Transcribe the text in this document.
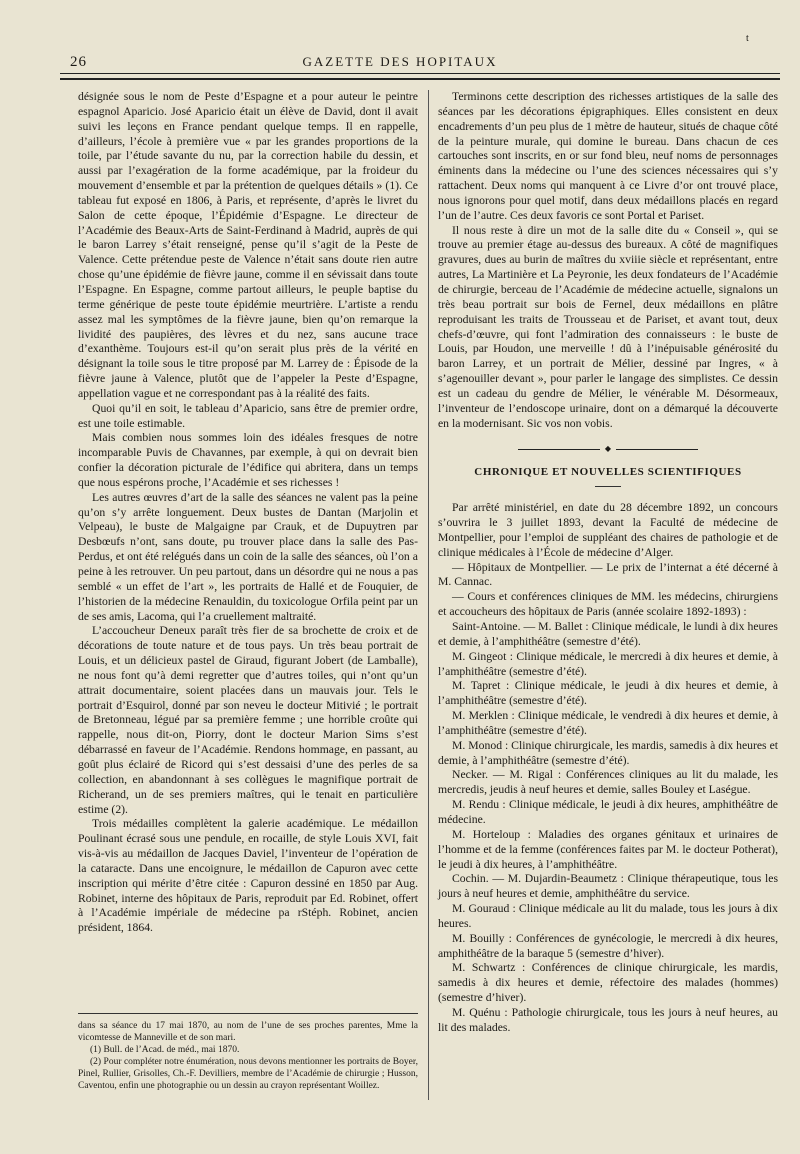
26	GAZETTE DES HOPITAUX
t

désignée sous le nom de Peste d’Espagne et a pour auteur le peintre espagnol Aparicio. José Aparicio était un élève de David, dont il avait suivi les leçons en France pendant quelque temps. Il en rappelle, d’ailleurs, l’école à première vue « par les grandes proportions de la toile, par l’étude savante du nu, par la correction habile du dessin, et aussi par l’exagération de la forme académique, par la froideur du mouvement d’ensemble et par la prétention de quelques détails » (1). Ce tableau fut exposé en 1806, à Paris, et représente, d’après le livret du Salon de cette époque, l’Épidémie d’Espagne. Le directeur de l’Académie des Beaux-Arts de Saint-Ferdinand à Madrid, auprès de qui le baron Larrey s’était renseigné, pense qu’il s’agit de la Peste de Valence. Cette prétendue peste de Valence n’était sans doute rien autre chose qu’une épidémie de fièvre jaune, comme il en sévissait dans toute l’Espagne. En Espagne, comme partout ailleurs, le peuple baptise du terme générique de peste toute épidémie meurtrière. L’artiste a rendu assez mal les symptômes de la fièvre jaune, bien qu’on remarque la lividité des paupières, des lèvres et du nez, sans aucune trace d’exanthème. Toujours est-il qu’on serait plus près de la vérité en désignant la toile sous le titre proposé par M. Larrey de : Épisode de la fièvre jaune à Valence, plutôt que de l’appeler la Peste d’Espagne, appellation vague et ne correspondant pas à la réalité des faits.

Quoi qu’il en soit, le tableau d’Aparicio, sans être de premier ordre, est une toile estimable.

Mais combien nous sommes loin des idéales fresques de notre incomparable Puvis de Chavannes, par exemple, à qui on devrait bien confier la décoration picturale de l’édifice qui abritera, dans un temps que nous espérons proche, l’Académie et ses richesses !

Les autres œuvres d’art de la salle des séances ne valent pas la peine qu’on s’y arrête longuement. Deux bustes de Dantan (Marjolin et Velpeau), le buste de Malgaigne par Crauk, et de Dupuytren par Desbœufs n’ont, sans doute, pu trouver place dans la salle des Pas-Perdus, et ont été relégués dans un coin de la salle des séances, où l’on a peine à les retrouver. Un peu partout, dans un désordre qui ne nous a pas semblé « un effet de l’art », les portraits de Hallé et de Fouquier, de l’historien de la médecine Renauldin, du toxicologue Orfila peint par un de ses amis, Lacoma, qui l’a cruellement maltraité.

L’accoucheur Deneux paraît très fier de sa brochette de croix et de décorations de toute nature et de tous pays. Un très beau portrait de Louis, et un délicieux pastel de Giraud, figurant Jobert (de Lamballe), ne nous font qu’à demi regretter que d’autres toiles, qui n’ont qu’un attrait documentaire, soient placées dans un mauvais jour. Tels le portrait d’Esquirol, donné par son neveu le docteur Mitivié ; le portrait de Bretonneau, légué par sa première femme ; une horrible croûte qui rappelle, nous dit-on, Piorry, dont le docteur Marion Sims s’est débarrassé en faveur de l’Académie. Rendons hommage, en passant, au goût plus éclairé de Ricord qui s’est dessaisi d’une des perles de sa collection, en abandonnant à ses collègues le magnifique portrait de Richerand, un de ses premiers maîtres, qui le tenait en particulière estime (2).

Trois médailles complètent la galerie académique. Le médaillon Poulinant écrasé sous une pendule, en rocaille, de style Louis XVI, fait vis-à-vis au médaillon de Jacques Daviel, l’inventeur de l’opération de la cataracte. Dans une encoignure, le médaillon de Capuron avec cette inscription qui mérite d’être citée : Capuron dessiné en 1850 par Aug. Robinet, interne des hôpitaux de Paris, reproduit par Ed. Robinet, offert à l’Académie impériale de médecine pa rStéph. Robinet, ancien président, 1864.

dans sa séance du 17 mai 1870, au nom de l’une de ses proches parentes, Mme la vicomtesse de Manneville et de son mari.

(1) Bull. de l’Acad. de méd., mai 1870.

(2) Pour compléter notre énumération, nous devons mentionner les portraits de Boyer, Pinel, Rullier, Grisolles, Ch.-F. Devilliers, membre de l’Académie de chirurgie ; Husson, Caventou, enfin une photographie ou un dessin au crayon représentant Woillez.

Terminons cette description des richesses artistiques de la salle des séances par les décorations épigraphiques. Elles consistent en deux encadrements d’un peu plus de 1 mètre de hauteur, situés de chaque côté de la peinture murale, qui domine le bureau. Dans chacun de ces cartouches sont inscrits, en or sur fond bleu, neuf noms de personnages éminents dans la médecine ou l’une des sciences nécessaires qui s’y rattachent. Deux noms qui manquent à ce Livre d’or ont trouvé place, nous ignorons pour quel motif, dans deux médaillons placés en regard l’un de l’autre. Ces deux favoris ce sont Portal et Pariset.

Il nous reste à dire un mot de la salle dite du « Conseil », qui se trouve au premier étage au-dessus des bureaux. A côté de magnifiques gravures, dues au burin de maîtres du xviiie siècle et représentant, entre autres, La Martinière et La Peyronie, les deux fondateurs de l’Académie de chirurgie, berceau de l’Académie de médecine actuelle, signalons un très beau portrait sur bois de Fernel, deux médaillons en plâtre reproduisant les traits de Trousseau et de Pariset, et avant tout, deux chefs-d’œuvre, qui font l’admiration des connaisseurs : le buste de Louis, par Houdon, une merveille ! dû à l’inépuisable générosité du baron Larrey, et un portrait de Mélier, dessiné par Ingres, « à s’agenouiller devant », pour parler le langage des simplistes. Ce dessin est un cadeau du gendre de Mélier, le vénérable M. Désormeaux, l’inventeur de l’endoscope urinaire, dont on a démarqué la découverte en la modernisant. Sic vos non vobis.

◆
CHRONIQUE ET NOUVELLES SCIENTIFIQUES

Par arrêté ministériel, en date du 28 décembre 1892, un concours s’ouvrira le 3 juillet 1893, devant la Faculté de médecine de Montpellier, pour l’emploi de suppléant des chaires de pathologie et de clinique médicales à l’École de médecine d’Alger.

— Hôpitaux de Montpellier. — Le prix de l’internat a été décerné à M. Cannac.

— Cours et conférences cliniques de MM. les médecins, chirurgiens et accoucheurs des hôpitaux de Paris (année scolaire 1892-1893) :

Saint-Antoine. — M. Ballet : Clinique médicale, le lundi à dix heures et demie, à l’amphithéâtre (semestre d’été).

M. Gingeot : Clinique médicale, le mercredi à dix heures et demie, à l’amphithéâtre (semestre d’été).

M. Tapret : Clinique médicale, le jeudi à dix heures et demie, à l’amphithéâtre (semestre d’été).

M. Merklen : Clinique médicale, le vendredi à dix heures et demie, à l’amphithéâtre (semestre d’été).

M. Monod : Clinique chirurgicale, les mardis, samedis à dix heures et demie, à l’amphithéâtre (semestre d’été).

Necker. — M. Rigal : Conférences cliniques au lit du malade, les mercredis, jeudis à neuf heures et demie, salles Bouley et Laségue.

M. Rendu : Clinique médicale, le jeudi à dix heures, amphithéâtre de médecine.

M. Horteloup : Maladies des organes génitaux et urinaires de l’homme et de la femme (conférences faites par M. le docteur Potherat), le jeudi à dix heures, à l’amphithéâtre.

Cochin. — M. Dujardin-Beaumetz : Clinique thérapeutique, tous les jours à neuf heures et demie, amphithéâtre du service.

M. Gouraud : Clinique médicale au lit du malade, tous les jours à dix heures.

M. Bouilly : Conférences de gynécologie, le mercredi à dix heures, amphithéâtre de la baraque 5 (semestre d’hiver).

M. Schwartz : Conférences de clinique chirurgicale, les mardis, samedis à dix heures et demie, réfectoire des malades (hommes) (semestre d’hiver).

M. Quénu : Pathologie chirurgicale, tous les jours à neuf heures, au lit des malades.
